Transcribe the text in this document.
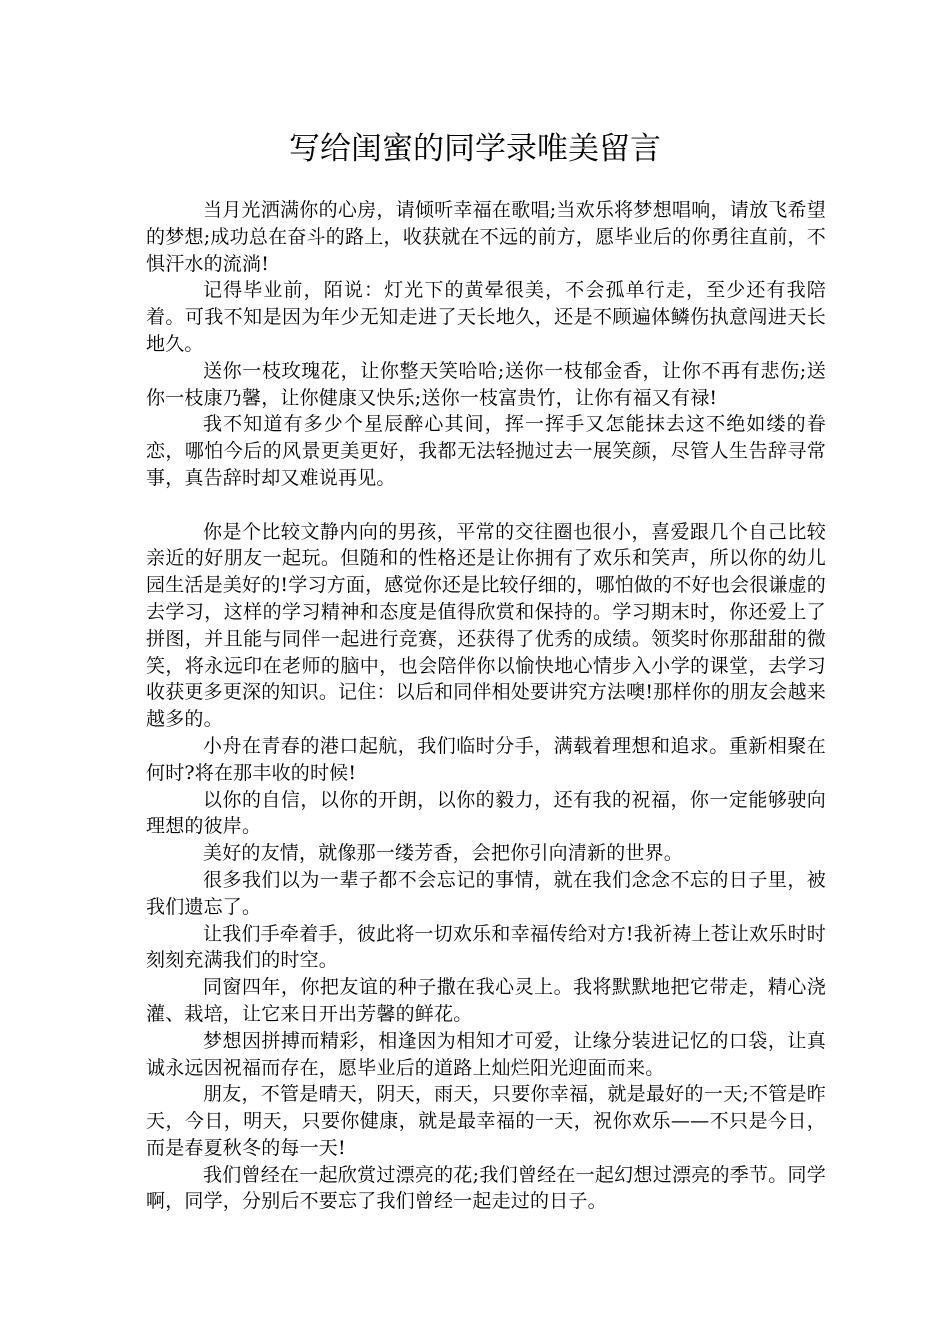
写给闺蜜的同学录唯美留言

当月光洒满你的心房，请倾听幸福在歌唱;当欢乐将梦想唱响，请放飞希望的梦想;成功总在奋斗的路上，收获就在不远的前方，愿毕业后的你勇往直前，不惧汗水的流淌!

记得毕业前，陌说：灯光下的黄晕很美，不会孤单行走，至少还有我陪着。可我不知是因为年少无知走进了天长地久，还是不顾遍体鳞伤执意闯进天长地久。

送你一枝玫瑰花，让你整天笑哈哈;送你一枝郁金香，让你不再有悲伤;送你一枝康乃馨，让你健康又快乐;送你一枝富贵竹，让你有福又有禄!

我不知道有多少个星辰醉心其间，挥一挥手又怎能抹去这不绝如缕的眷恋，哪怕今后的风景更美更好，我都无法轻抛过去一展笑颜，尽管人生告辞寻常事，真告辞时却又难说再见。

你是个比较文静内向的男孩，平常的交往圈也很小，喜爱跟几个自己比较亲近的好朋友一起玩。但随和的性格还是让你拥有了欢乐和笑声，所以你的幼儿园生活是美好的!学习方面，感觉你还是比较仔细的，哪怕做的不好也会很谦虚的去学习，这样的学习精神和态度是值得欣赏和保持的。学习期末时，你还爱上了拼图，并且能与同伴一起进行竞赛，还获得了优秀的成绩。领奖时你那甜甜的微笑，将永远印在老师的脑中，也会陪伴你以愉快地心情步入小学的课堂，去学习收获更多更深的知识。记住：以后和同伴相处要讲究方法噢!那样你的朋友会越来越多的。

小舟在青春的港口起航，我们临时分手，满载着理想和追求。重新相聚在何时?将在那丰收的时候!

以你的自信，以你的开朗，以你的毅力，还有我的祝福，你一定能够驶向理想的彼岸。

美好的友情，就像那一缕芳香，会把你引向清新的世界。

很多我们以为一辈子都不会忘记的事情，就在我们念念不忘的日子里，被我们遗忘了。

让我们手牵着手，彼此将一切欢乐和幸福传给对方!我祈祷上苍让欢乐时时刻刻充满我们的时空。

同窗四年，你把友谊的种子撒在我心灵上。我将默默地把它带走，精心浇灌、栽培，让它来日开出芳馨的鲜花。

梦想因拼搏而精彩，相逢因为相知才可爱，让缘分装进记忆的口袋，让真诚永远因祝福而存在，愿毕业后的道路上灿烂阳光迎面而来。

朋友，不管是晴天，阴天，雨天，只要你幸福，就是最好的一天;不管是昨天，今日，明天，只要你健康，就是最幸福的一天，祝你欢乐——不只是今日，而是春夏秋冬的每一天!

我们曾经在一起欣赏过漂亮的花;我们曾经在一起幻想过漂亮的季节。同学啊，同学，分别后不要忘了我们曾经一起走过的日子。
